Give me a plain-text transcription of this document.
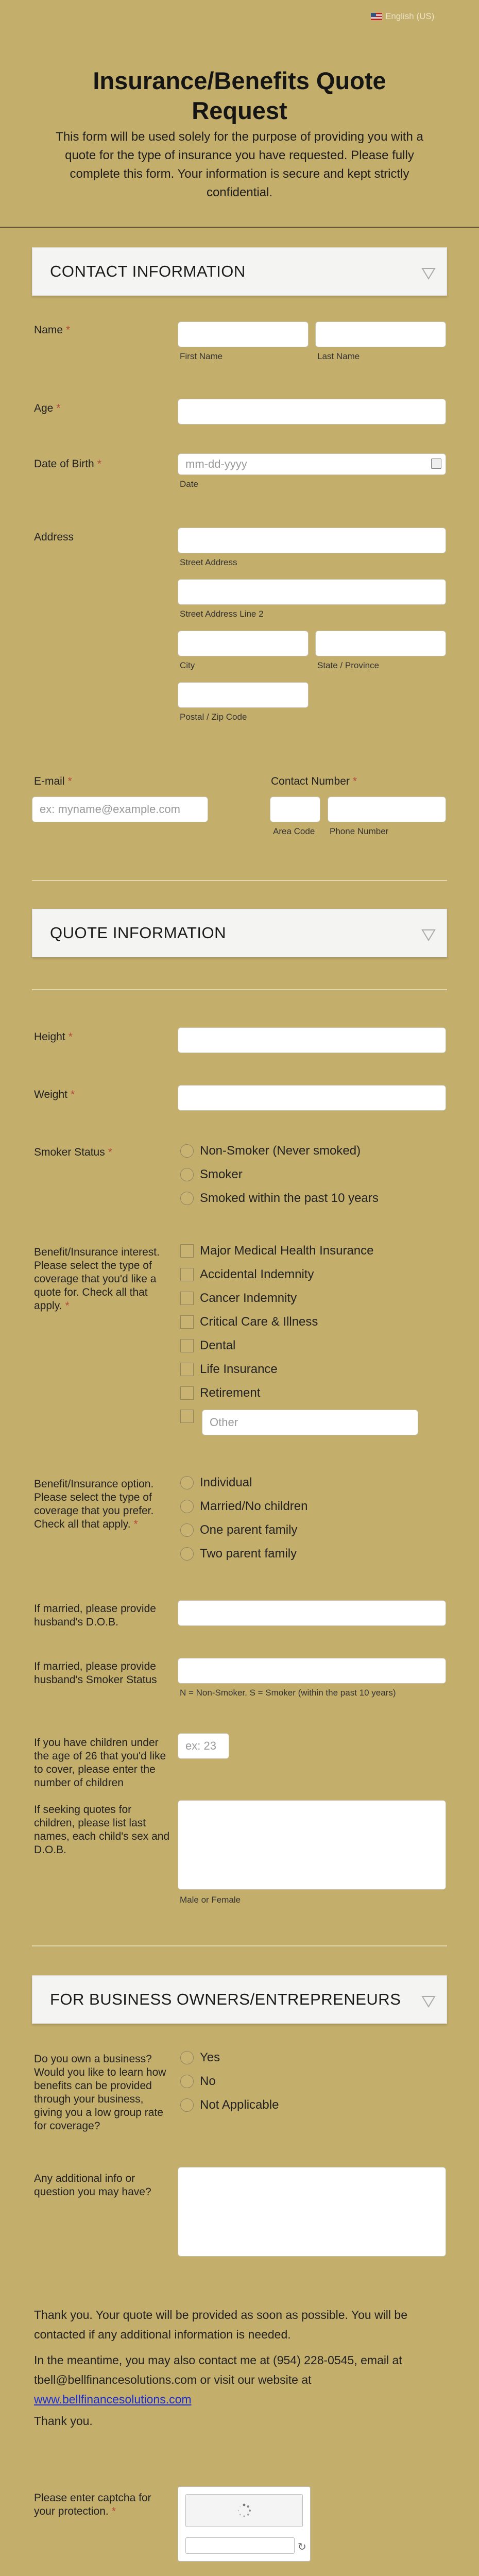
English (US)
Insurance/Benefits Quote Request
This form will be used solely for the purpose of providing you with a quote for the type of insurance you have requested. Please fully complete this form. Your information is secure and kept strictly confidential.
CONTACT INFORMATION
Name *
First Name	Last Name
Age *
Date of Birth *
mm-dd-yyyy
Date
Address
Street Address
Street Address Line 2
City	State / Province
Postal / Zip Code
E-mail *
ex: myname@example.com	Contact Number *
Area Code Phone Number
QUOTE INFORMATION
Height *
Weight *
Smoker Status *	Non-Smoker (Never smoked)
Smoker
Smoked within the past 10 years
Benefit/Insurance interest. Please select the type of coverage that you'd like a quote for. Check all that apply. *
Major Medical Health Insurance
Accidental Indemnity
Cancer Indemnity
Critical Care & Illness
Dental
Life Insurance
Retirement
Other
Benefit/Insurance option. Please select the type of coverage that you prefer. Check all that apply. *
Individual
Married/No children
One parent family
Two parent family
If married, please provide husband's D.O.B.
If married, please provide husband's Smoker Status
N = Non-Smoker. S = Smoker (within the past 10 years)
If you have children under the age of 26 that you'd like to cover, please enter the number of children
ex: 23
If seeking quotes for children, please list last names, each child's sex and D.O.B.
Male or Female
FOR BUSINESS OWNERS/ENTREPRENEURS
Do you own a business? Would you like to learn how benefits can be provided through your business, giving you a low group rate for coverage?
Yes
No
Not Applicable
Any additional info or question you may have?
Thank you. Your quote will be provided as soon as possible. You will be contacted if any additional information is needed.
In the meantime, you may also contact me at (954) 228-0545, email at tbell@bellfinancesolutions.com or visit our website at www.bellfinancesolutions.com
Thank you.
Please enter captcha for your protection. *
↻
